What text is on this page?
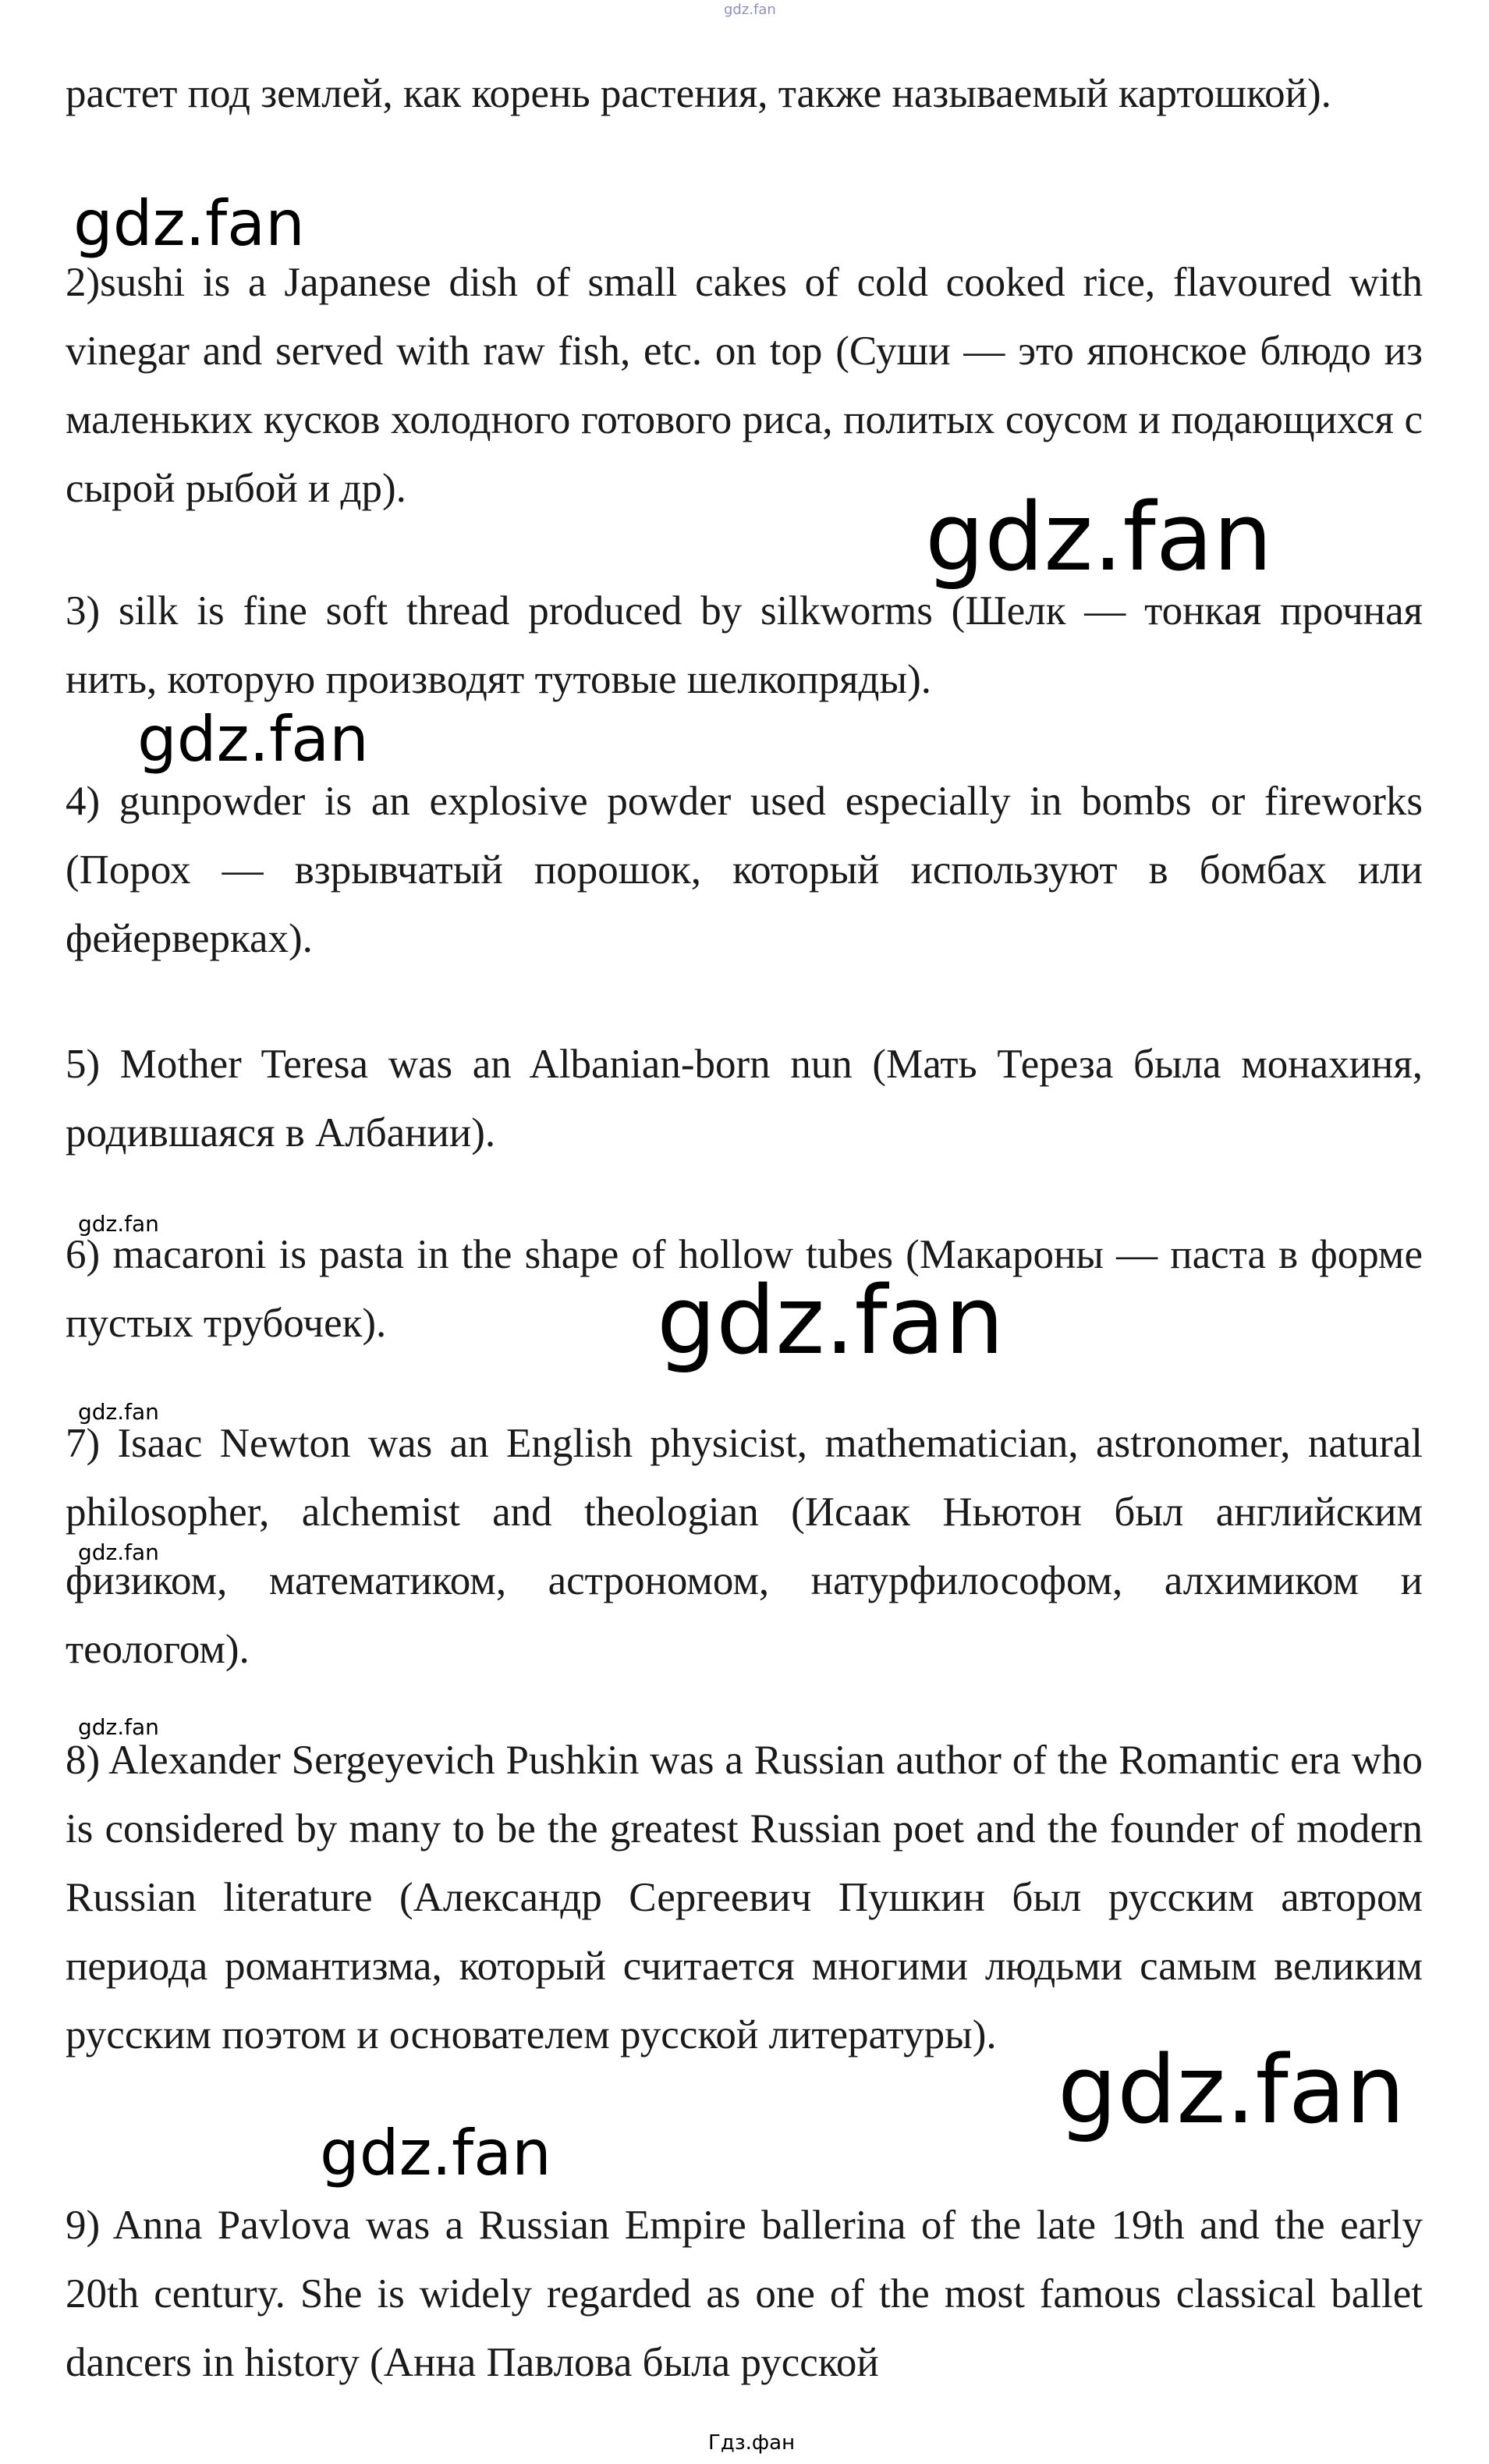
gdz.fan

растет под землей, как корень растения, также называемый картошкой).

gdz.fan

2)sushi is a Japanese dish of small cakes of cold cooked rice, flavoured with vinegar and served with raw fish, etc. on top (Суши — это японское блюдо из маленьких кусков холодного готового риса, политых соусом и подающихся с сырой рыбой и др).	gdz.fan

3) silk is fine soft thread produced by silkworms (Шелк — тонкая прочная нить, которую производят тутовые шелкопряды).

gdz.fan

4) gunpowder is an explosive powder used especially in bombs or fireworks (Порох — взрывчатый порошок, который используют в бомбах или фейерверках).

5) Mother Teresa was an Albanian-born nun (Мать Тереза была монахиня, родившаяся в Албании).

gdz.fan

6) macaroni is pasta in the shape of hollow tubes (Макароны — паста в форме пустых трубочек).	gdz.fan
gdz.fan

7) Isaac Newton was an English physicist, mathematician, astronomer, natural philosopher, alchemist and theologian (Исаак Ньютон был английским физиком, математиком, астрономом, натурфилософом, алхимиком и теологом).

gdz.fan
gdz.fan

8) Alexander Sergeyevich Pushkin was a Russian author of the Romantic era who is considered by many to be the greatest Russian poet and the founder of modern Russian literature (Александр Сергеевич Пушкин был русским автором периода романтизма, который считается многими людьми самым великим русским поэтом и основателем русской литературы).

gdz.fan
gdz.fan

9) Anna Pavlova was a Russian Empire ballerina of the late 19th and the early 20th century. She is widely regarded as one of the most famous classical ballet dancers in history (Анна Павлова была русской

Гдз.фан
